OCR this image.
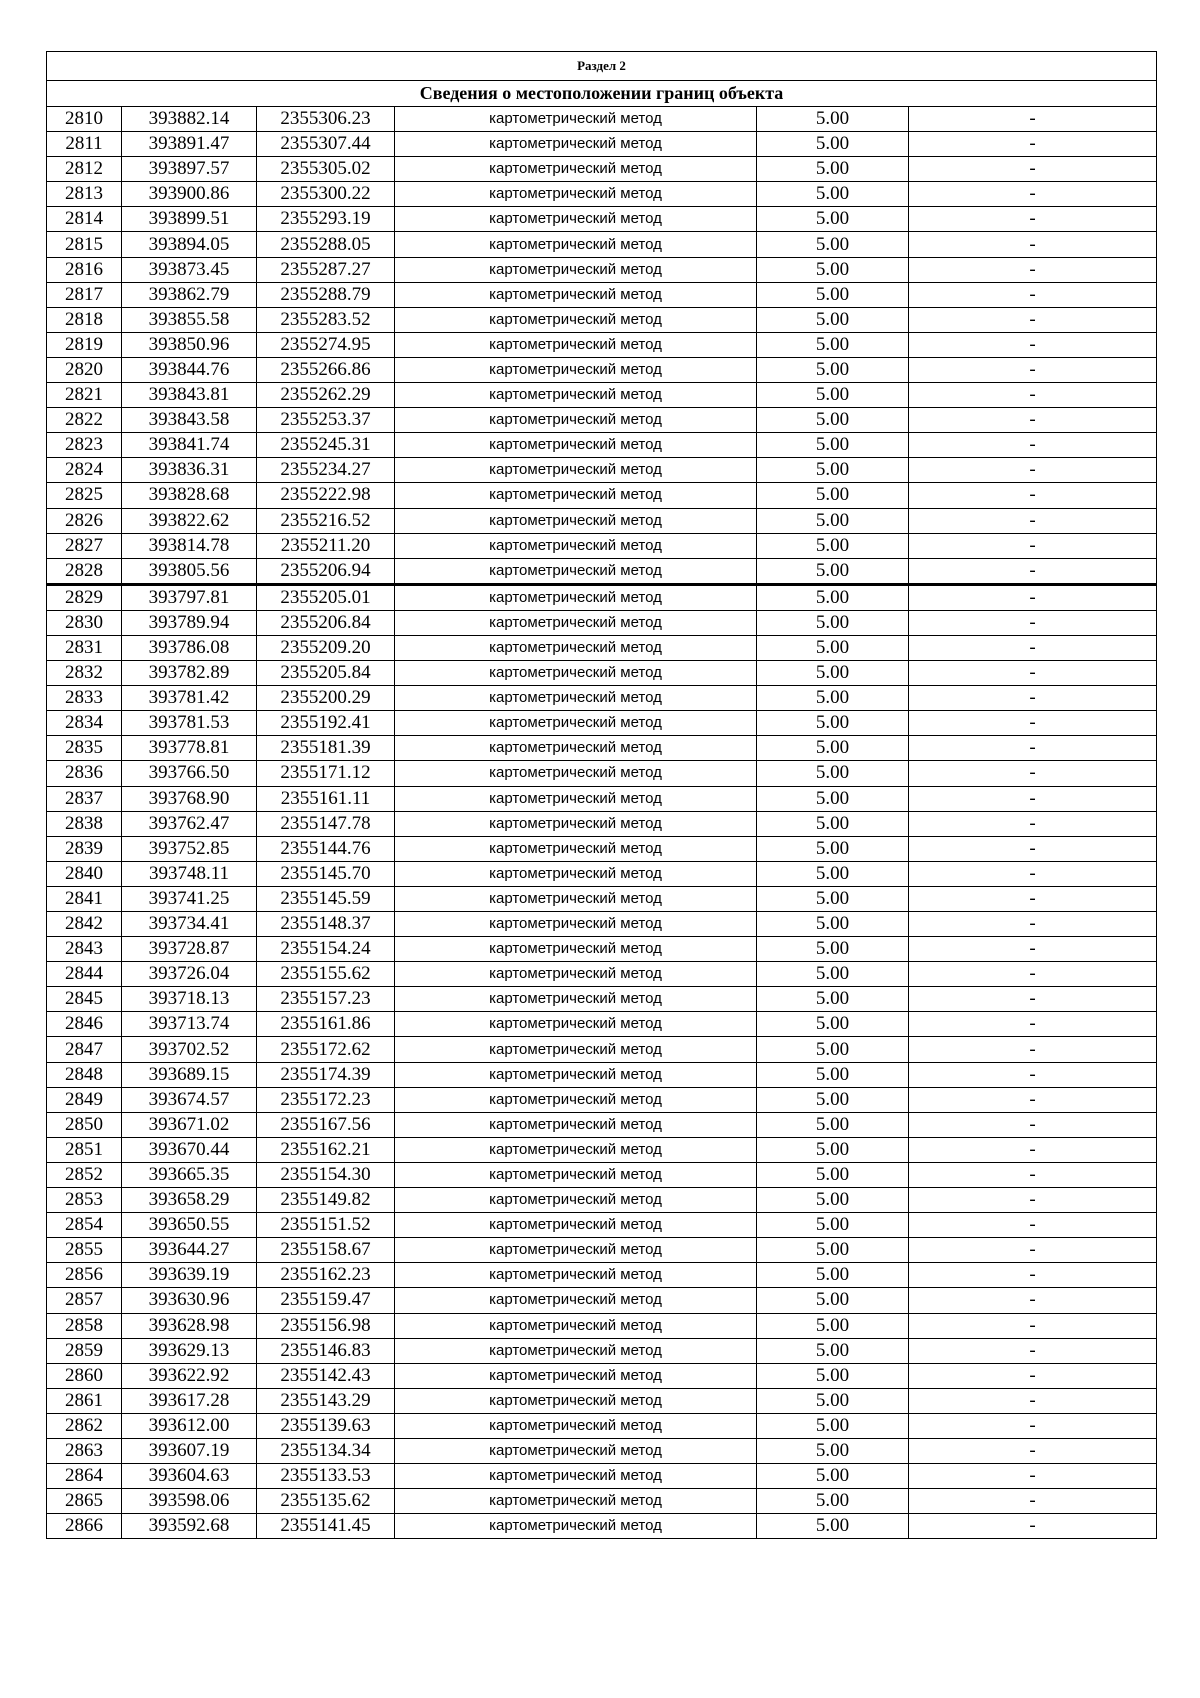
Раздел 2					
Сведения о местоположении границ объекта					
2810	393882.14	2355306.23	картометрический метод	5.00	-
2811	393891.47	2355307.44	картометрический метод	5.00	-
2812	393897.57	2355305.02	картометрический метод	5.00	-
2813	393900.86	2355300.22	картометрический метод	5.00	-
2814	393899.51	2355293.19	картометрический метод	5.00	-
2815	393894.05	2355288.05	картометрический метод	5.00	-
2816	393873.45	2355287.27	картометрический метод	5.00	-
2817	393862.79	2355288.79	картометрический метод	5.00	-
2818	393855.58	2355283.52	картометрический метод	5.00	-
2819	393850.96	2355274.95	картометрический метод	5.00	-
2820	393844.76	2355266.86	картометрический метод	5.00	-
2821	393843.81	2355262.29	картометрический метод	5.00	-
2822	393843.58	2355253.37	картометрический метод	5.00	-
2823	393841.74	2355245.31	картометрический метод	5.00	-
2824	393836.31	2355234.27	картометрический метод	5.00	-
2825	393828.68	2355222.98	картометрический метод	5.00	-
2826	393822.62	2355216.52	картометрический метод	5.00	-
2827	393814.78	2355211.20	картометрический метод	5.00	-
2828	393805.56	2355206.94	картометрический метод	5.00	-
2829	393797.81	2355205.01	картометрический метод	5.00	-
2830	393789.94	2355206.84	картометрический метод	5.00	-
2831	393786.08	2355209.20	картометрический метод	5.00	-
2832	393782.89	2355205.84	картометрический метод	5.00	-
2833	393781.42	2355200.29	картометрический метод	5.00	-
2834	393781.53	2355192.41	картометрический метод	5.00	-
2835	393778.81	2355181.39	картометрический метод	5.00	-
2836	393766.50	2355171.12	картометрический метод	5.00	-
2837	393768.90	2355161.11	картометрический метод	5.00	-
2838	393762.47	2355147.78	картометрический метод	5.00	-
2839	393752.85	2355144.76	картометрический метод	5.00	-
2840	393748.11	2355145.70	картометрический метод	5.00	-
2841	393741.25	2355145.59	картометрический метод	5.00	-
2842	393734.41	2355148.37	картометрический метод	5.00	-
2843	393728.87	2355154.24	картометрический метод	5.00	-
2844	393726.04	2355155.62	картометрический метод	5.00	-
2845	393718.13	2355157.23	картометрический метод	5.00	-
2846	393713.74	2355161.86	картометрический метод	5.00	-
2847	393702.52	2355172.62	картометрический метод	5.00	-
2848	393689.15	2355174.39	картометрический метод	5.00	-
2849	393674.57	2355172.23	картометрический метод	5.00	-
2850	393671.02	2355167.56	картометрический метод	5.00	-
2851	393670.44	2355162.21	картометрический метод	5.00	-
2852	393665.35	2355154.30	картометрический метод	5.00	-
2853	393658.29	2355149.82	картометрический метод	5.00	-
2854	393650.55	2355151.52	картометрический метод	5.00	-
2855	393644.27	2355158.67	картометрический метод	5.00	-
2856	393639.19	2355162.23	картометрический метод	5.00	-
2857	393630.96	2355159.47	картометрический метод	5.00	-
2858	393628.98	2355156.98	картометрический метод	5.00	-
2859	393629.13	2355146.83	картометрический метод	5.00	-
2860	393622.92	2355142.43	картометрический метод	5.00	-
2861	393617.28	2355143.29	картометрический метод	5.00	-
2862	393612.00	2355139.63	картометрический метод	5.00	-
2863	393607.19	2355134.34	картометрический метод	5.00	-
2864	393604.63	2355133.53	картометрический метод	5.00	-
2865	393598.06	2355135.62	картометрический метод	5.00	-
2866	393592.68	2355141.45	картометрический метод	5.00	-
